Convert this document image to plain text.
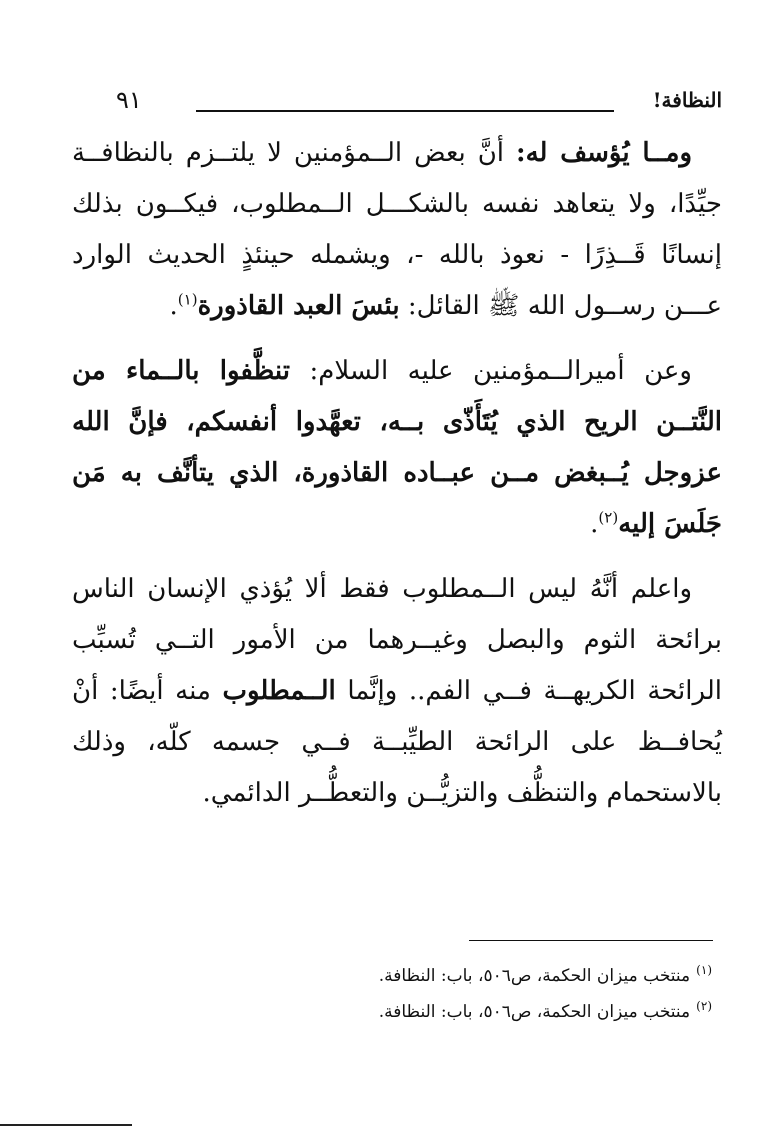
النظافة!
٩١

ومــا يُؤسف له: أنَّ بعض الــمؤمنين لا يلتــزم بالنظافــة جيِّدًا، ولا يتعاهد نفسه بالشكـــل الــمطلوب، فيكــون بذلك إنسانًا قَــذِرًا - نعوذ بالله -، ويشمله حينئذٍ الحديث الوارد عـــن رســول الله ﷺ القائل: بئسَ العبد القاذورة$^{(١)}$.

وعن أميرالــمؤمنين عليه السلام: تنظَّفوا بالــماء من النَّتــن الريح الذي يُتَأَذّى بــه، تعهَّدوا أنفسكم، فإنَّ الله عزوجل يُــبغض مــن عبــاده القاذورة، الذي يتأنَّف به مَن جَلَسَ إليه$^{(٢)}$.

واعلم أنَّهُ ليس الــمطلوب فقط ألا يُؤذي الإنسان الناس برائحة الثوم والبصل وغيــرهما من الأمور التــي تُسبِّب الرائحة الكريهــة فــي الفم.. وإنَّما الــمطلوب منه أيضًا: أنْ يُحافــظ على الرائحة الطيِّبــة فــي جسمه كلّه، وذلك بالاستحمام والتنظُّف والتزيُّــن والتعطُّــر الدائمي.

$^{(١)}$منتخب ميزان الحكمة، ص٥٠٦، باب: النظافة.
$^{(٢)}$منتخب ميزان الحكمة، ص٥٠٦، باب: النظافة.
